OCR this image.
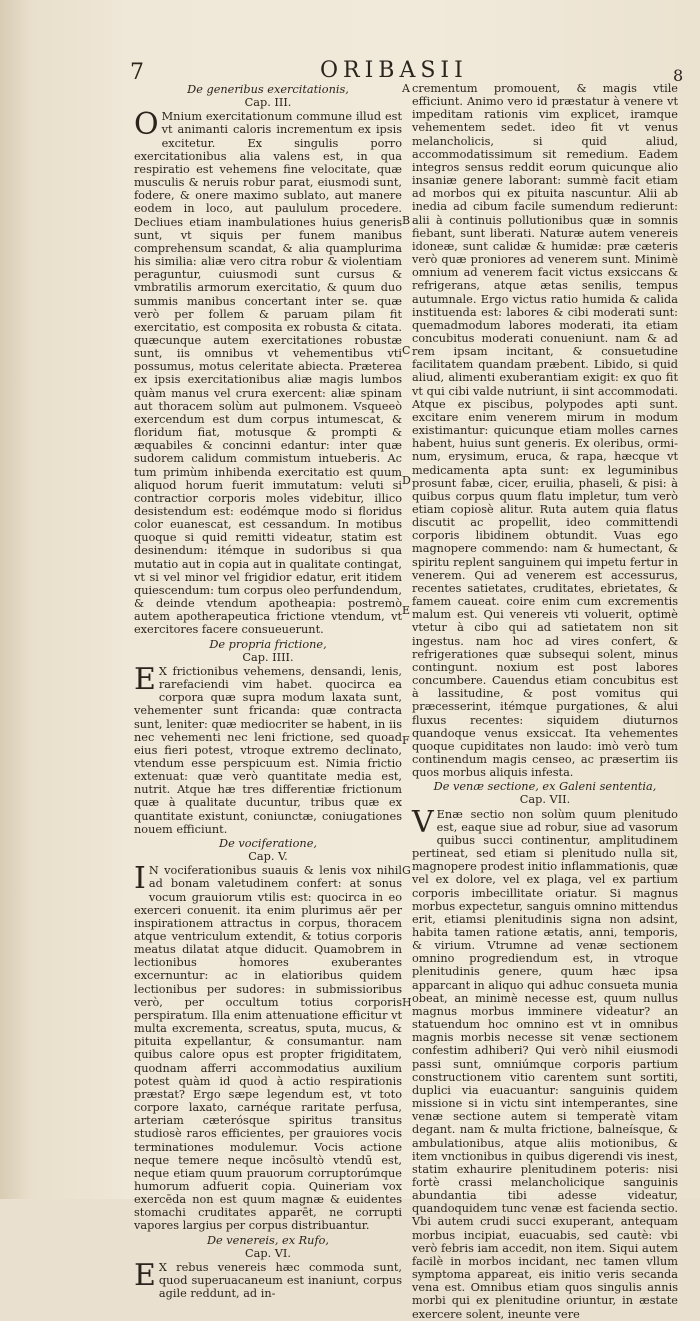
7	ORIBASII	8

De generibus exercitationis,

Cap. III.

O Mnium exercitationum commune illud est vt animanti caloris incrementum ex ipsis excitetur. Ex singulis porro exercitationibus alia valens est, in qua respiratio est vehemens fine velocitate, quæ musculis & neruis robur parat, eiusmodi sunt, fodere, & onere maximo sublato, aut manere eodem in loco, aut paululum procedere. Decliues etiam inambulationes huius generis sunt, vt siquis per funem manibus comprehensum scandat, & alia quamplurima his similia: aliæ vero citra robur & violentiam peraguntur, cuiusmodi sunt cursus & vmbratilis armorum exercitatio, & quum duo summis manibus concertant inter se. quæ verò per follem & paruam pilam fit exercitatio, est composita ex robusta & citata. quæcunque autem exercitationes robustæ sunt, iis omnibus vt vehementibus vti possumus, motus celeritate abiecta. Præterea ex ipsis exercitationibus aliæ magis lumbos quàm manus vel crura exercent: aliæ spinam aut thoracem solùm aut pulmonem. Vsqueeò exercendum est dum corpus intumescat, & floridum fiat, motusque & prompti & æquabiles & concinni edantur: inter quæ sudorem calidum commistum intueberis. Ac tum primùm inhibenda exercitatio est quum aliquod horum fuerit immutatum: veluti si contractior corporis moles videbitur, illico desistendum est: eodémque modo si floridus color euanescat, est cessandum. In motibus quoque si quid remitti videatur, statim est desinendum: itémque in sudoribus si qua mutatio aut in copia aut in qualitate contingat, vt si vel minor vel frigidior edatur, erit itidem quiescendum: tum corpus oleo perfundendum, & deinde vtendum apotheapia: postremò autem apotherapeutica frictione vtendum, vt exercitores facere consueuerunt.

De propria frictione,

Cap. IIII.

E X frictionibus vehemens, densandi, lenis, rarefaciendi vim habet. quocirca ea corpora quæ supra modum laxata sunt, vehementer sunt fricanda: quæ contracta sunt, leniter: quæ mediocriter se habent, in iis nec vehementi nec leni frictione, sed quoad eius fieri potest, vtroque extremo declinato, vtendum esse perspicuum est. Nimia frictio extenuat: quæ verò quantitate media est, nutrit. Atque hæ tres differentiæ frictionum quæ à qualitate ducuntur, tribus quæ ex quantitate existunt, coniunctæ, coniugationes nouem efficiunt.

De vociferatione,

Cap. V.

I N vociferationibus suauis & lenis vox nihil ad bonam valetudinem confert: at sonus vocum grauiorum vtilis est: quocirca in eo exerceri conuenit. ita enim plurimus aër per inspirationem attractus in corpus, thoracem atque ventriculum extendit, & totius corporis meatus dilatat atque diducit. Quamobrem in lectionibus homores exuberantes excernuntur: ac in elatioribus quidem lectionibus per sudores: in submissioribus verò, per occultum totius corporis perspiratum. Illa enim attenuatione efficitur vt multa excrementa, screatus, sputa, mucus, & pituita expellantur, & consumantur. nam quibus calore opus est propter frigiditatem, quodnam afferri accommodatius auxilium potest quàm id quod à actio respirationis præstat? Ergo sæpe legendum est, vt toto corpore laxato, carnéque raritate perfusa, arteriam cæterósque spiritus transitus studiosè raros efficientes, per grauiores vocis terminationes modulemur. Vocis actione neque temere neque incōsultò vtendū est, neque etiam quum prauorum corruptorúmque humorum adfuerit copia. Quineriam vox exercēda non est quum magnæ & euidentes stomachi cruditates apparēt, ne corrupti vapores largius per corpus distribuantur.

De venereis, ex Rufo,

Cap. VI.

E X rebus venereis hæc commoda sunt, quod superuacaneum est inaniunt, corpus agile reddunt, ad in-

A
B
C
D
E
F
G
H

crementum promouent, & magis vtile efficiunt. Animo vero id præstatur à venere vt impeditam rationis vim explicet, iramque vehementem sedet. ideo fit vt venus melancholicis, si quid aliud, accommodatissimum sit remedium. Eadem integros sensus reddit eorum quicunque alio insaniæ genere laborant: summè facit etiam ad morbos qui ex pituita nascuntur. Alii ab inedia ad cibum facile sumendum redierunt: alii à continuis pollutionibus quæ in somnis fiebant, sunt liberati. Naturæ autem venereis idoneæ, sunt calidæ & humidæ: præ cæteris verò quæ proniores ad venerem sunt. Minimè omnium ad venerem facit victus exsiccans & refrigerans, atque ætas senilis, tempus autumnale. Ergo victus ratio humida & calida instituenda est: labores & cibi moderati sunt: quemadmodum labores moderati, ita etiam concubitus moderati conueniunt. nam & ad rem ipsam incitant, & consuetudine facilitatem quandam præbent. Libido, si quid aliud, alimenti exuberantiam exigit: ex quo fit vt qui cibi valde nutriunt, ii sint accommodati. Atque ex piscibus, polypodes apti sunt. excitare enim venerem mirum in modum existimantur: quicunque etiam molles carnes habent, huius sunt generis. Ex oleribus, orminum, erysimum, eruca, & rapa, hæcque vt medicamenta apta sunt: ex leguminibus prosunt fabæ, cicer, eruilia, phaseli, & pisi: à quibus corpus quum flatu impletur, tum verò etiam copiosè alitur. Ruta autem quia flatus discutit ac propellit, ideo committendi corporis libidinem obtundit. Vuas ego magnopere commendo: nam & humectant, & spiritu replent sanguinem qui impetu fertur in venerem. Qui ad venerem est accessurus, recentes satietates, cruditates, ebrietates, & famem caueat. coire enim cum excrementis malum est. Qui venereis vti voluerit, optimè vtetur à cibo qui ad satietatem non sit ingestus. nam hoc ad vires confert, & refrigerationes quæ subsequi solent, minus contingunt. noxium est post labores concumbere. Cauendus etiam concubitus est à lassitudine, & post vomitus qui præcesserint, itémque purgationes, & alui fluxus recentes: siquidem diuturnos quandoque venus exsiccat. Ita vehementes quoque cupiditates non laudo: imò verò tum continendum magis censeo, ac præsertim iis quos morbus aliquis infesta.

De venæ sectione, ex Galeni sententia,

Cap. VII.

V Enæ sectio non solùm quum plenitudo est, eaque siue ad robur, siue ad vasorum quibus succi continentur, amplitudinem pertineat, sed etiam si plenitudo nulla sit, magnopere prodest initio inflammationis, quæ vel ex dolore, vel ex plaga, vel ex partium corporis imbecillitate oriatur. Si magnus morbus expectetur, sanguis omnino mittendus erit, etiamsi plenitudinis signa non adsint, habita tamen ratione ætatis, anni, temporis, & virium. Vtrumne ad venæ sectionem omnino progrediendum est, in vtroque plenitudinis genere, quum hæc ipsa apparcant in aliquo qui adhuc consueta munia obeat, an minimè necesse est, quum nullus magnus morbus imminere videatur? an statuendum hoc omnino est vt in omnibus magnis morbis necesse sit venæ sectionem confestim adhiberi? Qui verò nihil eiusmodi passi sunt, omniúmque corporis partium constructionem vitio carentem sunt sortiti, duplici via euacuantur: sanguinis quidem missione si in victu sint intemperantes, sine venæ sectione autem si temperatè vitam degant. nam & multa frictione, balneísque, & ambulationibus, atque aliis motionibus, & item vnctionibus in quibus digerendi vis inest, statim exhaurire plenitudinem poteris: nisi fortè crassi melancholicique sanguinis abundantia tibi adesse videatur, quandoquidem tunc venæ est facienda sectio. Vbi autem crudi succi exuperant, antequam morbus incipiat, euacuabis, sed cautè: vbi verò febris iam accedit, non item. Siqui autem facilè in morbos incidant, nec tamen vllum symptoma appareat, eis initio veris secanda vena est. Omnibus etiam quos singulis annis morbi qui ex plenitudine oriuntur, in æstate exercere solent, ineunte vere
